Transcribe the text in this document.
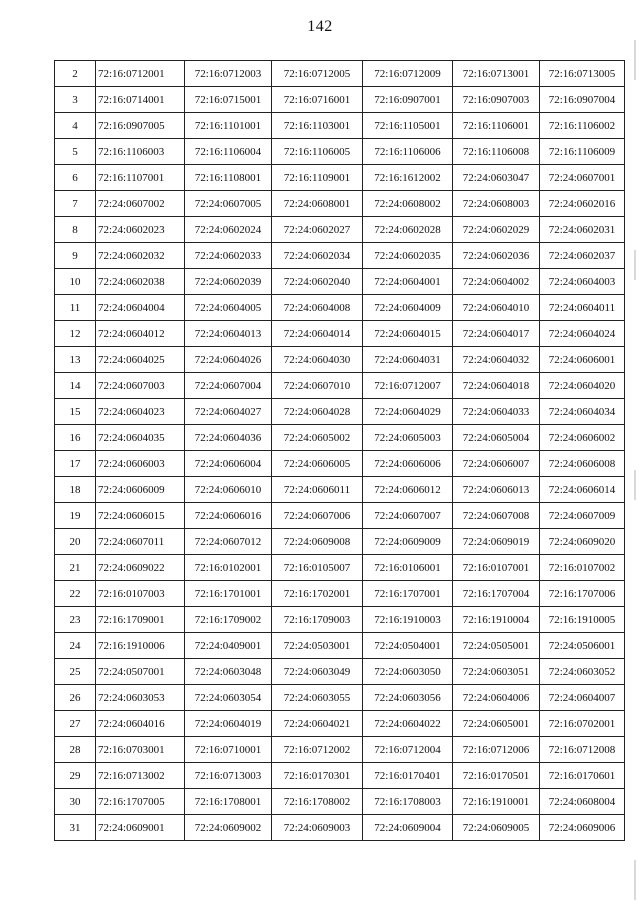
142
2	72:16:0712001	72:16:0712003	72:16:0712005	72:16:0712009	72:16:0713001	72:16:0713005
3	72:16:0714001	72:16:0715001	72:16:0716001	72:16:0907001	72:16:0907003	72:16:0907004
4	72:16:0907005	72:16:1101001	72:16:1103001	72:16:1105001	72:16:1106001	72:16:1106002
5	72:16:1106003	72:16:1106004	72:16:1106005	72:16:1106006	72:16:1106008	72:16:1106009
6	72:16:1107001	72:16:1108001	72:16:1109001	72:16:1612002	72:24:0603047	72:24:0607001
7	72:24:0607002	72:24:0607005	72:24:0608001	72:24:0608002	72:24:0608003	72:24:0602016
8	72:24:0602023	72:24:0602024	72:24:0602027	72:24:0602028	72:24:0602029	72:24:0602031
9	72:24:0602032	72:24:0602033	72:24:0602034	72:24:0602035	72:24:0602036	72:24:0602037
10	72:24:0602038	72:24:0602039	72:24:0602040	72:24:0604001	72:24:0604002	72:24:0604003
11	72:24:0604004	72:24:0604005	72:24:0604008	72:24:0604009	72:24:0604010	72:24:0604011
12	72:24:0604012	72:24:0604013	72:24:0604014	72:24:0604015	72:24:0604017	72:24:0604024
13	72:24:0604025	72:24:0604026	72:24:0604030	72:24:0604031	72:24:0604032	72:24:0606001
14	72:24:0607003	72:24:0607004	72:24:0607010	72:16:0712007	72:24:0604018	72:24:0604020
15	72:24:0604023	72:24:0604027	72:24:0604028	72:24:0604029	72:24:0604033	72:24:0604034
16	72:24:0604035	72:24:0604036	72:24:0605002	72:24:0605003	72:24:0605004	72:24:0606002
17	72:24:0606003	72:24:0606004	72:24:0606005	72:24:0606006	72:24:0606007	72:24:0606008
18	72:24:0606009	72:24:0606010	72:24:0606011	72:24:0606012	72:24:0606013	72:24:0606014
19	72:24:0606015	72:24:0606016	72:24:0607006	72:24:0607007	72:24:0607008	72:24:0607009
20	72:24:0607011	72:24:0607012	72:24:0609008	72:24:0609009	72:24:0609019	72:24:0609020
21	72:24:0609022	72:16:0102001	72:16:0105007	72:16:0106001	72:16:0107001	72:16:0107002
22	72:16:0107003	72:16:1701001	72:16:1702001	72:16:1707001	72:16:1707004	72:16:1707006
23	72:16:1709001	72:16:1709002	72:16:1709003	72:16:1910003	72:16:1910004	72:16:1910005
24	72:16:1910006	72:24:0409001	72:24:0503001	72:24:0504001	72:24:0505001	72:24:0506001
25	72:24:0507001	72:24:0603048	72:24:0603049	72:24:0603050	72:24:0603051	72:24:0603052
26	72:24:0603053	72:24:0603054	72:24:0603055	72:24:0603056	72:24:0604006	72:24:0604007
27	72:24:0604016	72:24:0604019	72:24:0604021	72:24:0604022	72:24:0605001	72:16:0702001
28	72:16:0703001	72:16:0710001	72:16:0712002	72:16:0712004	72:16:0712006	72:16:0712008
29	72:16:0713002	72:16:0713003	72:16:0170301	72:16:0170401	72:16:0170501	72:16:0170601
30	72:16:1707005	72:16:1708001	72:16:1708002	72:16:1708003	72:16:1910001	72:24:0608004
31	72:24:0609001	72:24:0609002	72:24:0609003	72:24:0609004	72:24:0609005	72:24:0609006
